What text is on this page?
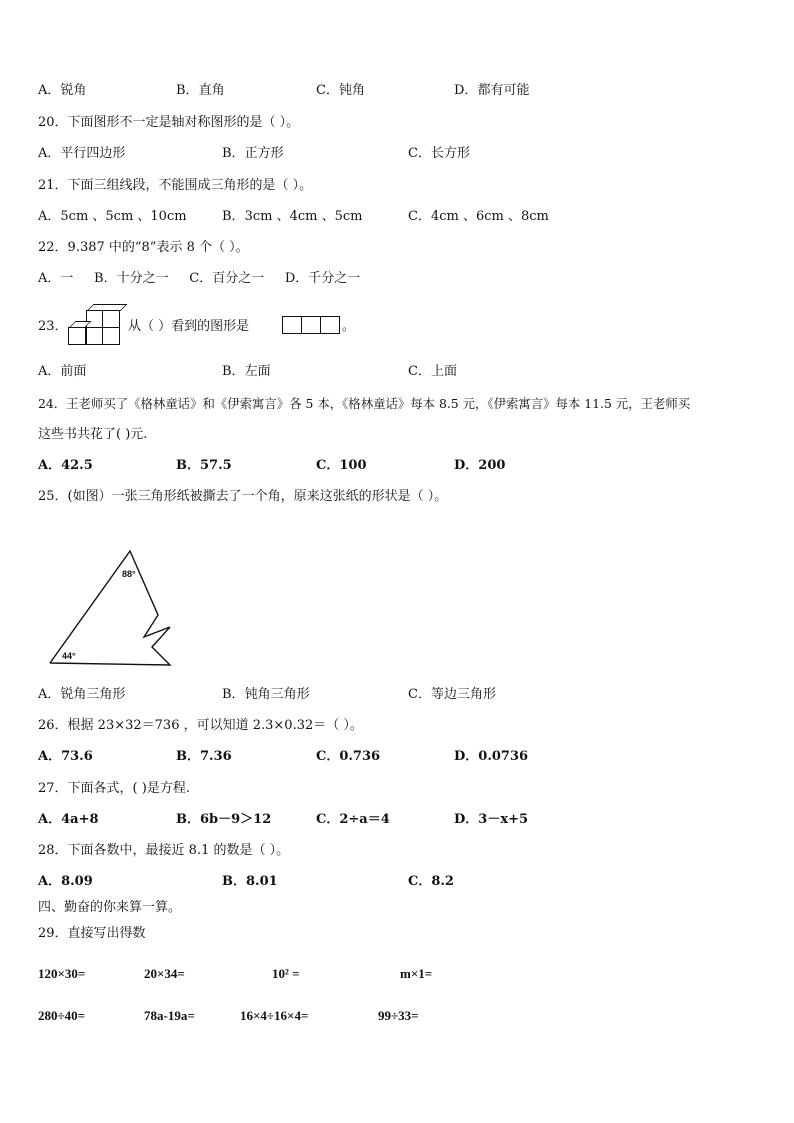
A．锐角	B．直角	C．钝角	D．都有可能
20．下面图形不一定是轴对称图形的是（ ）。
A．平行四边形	B．正方形	C．长方形
21．下面三组线段，不能围成三角形的是（ ）。
A．5cm 、5cm 、10cm	B．3cm 、4cm 、5cm	C．4cm 、6cm 、8cm
22．9.387 中的“8”表示 8 个（ ）。
A．一     B．十分之一     C．百分之一     D．千分之一
23．	从（ ）看到的图形是	。
A．前面	B．左面	C．上面
24．王老师买了《格林童话》和《伊索寓言》各 5 本，《格林童话》每本 8.5 元，《伊索寓言》每本 11.5 元，王老师买
这些书共花了( )元.
A．42.5	B．57.5	C．100	D．200
25．(如图）一张三角形纸被撕去了一个角，原来这张纸的形状是（ ）。
88°
44°
A．锐角三角形	B．钝角三角形	C．等边三角形
26．根据 23×32＝736 ，可以知道 2.3×0.32＝（ ）。
A．73.6	B．7.36	C．0.736	D．0.0736
27．下面各式，( )是方程.
A．4a+8	B．6b－9＞12	C．2÷a＝4	D．3－x+5
28．下面各数中，最接近 8.1 的数是（ ）。
A．8.09	B．8.01	C．8.2
四、勤奋的你来算一算。
29．直接写出得数
120×30=	20×34=	10² =	m×1=
280÷40=	78a-19a=	16×4÷16×4=	99÷33=
